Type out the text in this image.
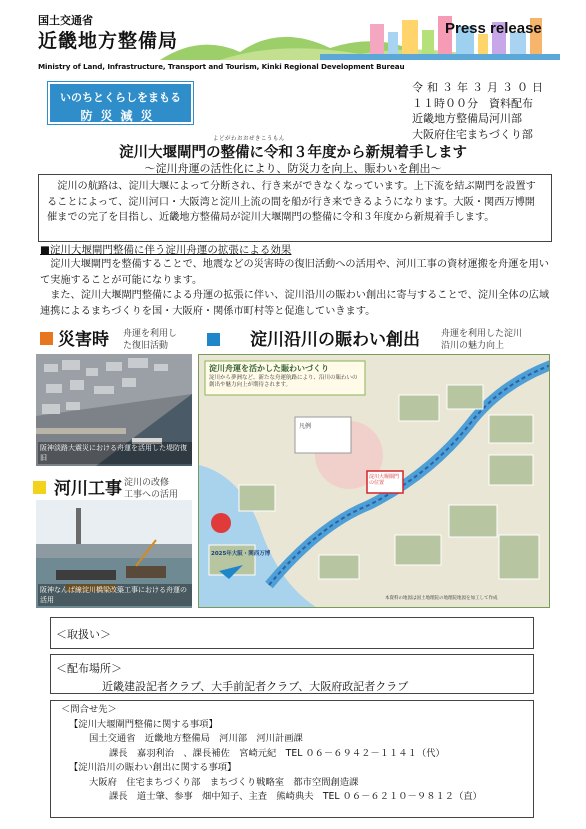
国土交通省
近畿地方整備局
Press release
Ministry of Land, Infrastructure, Transport and Tourism, Kinki Regional Development Bureau
いのちとくらしをまもる
防災減災
令和３年３月３０日
１１時００分　資料配布
近畿地方整備局河川部
大阪府住宅まちづくり部
よどがわおおぜきこうもん
淀川大堰閘門の整備に令和３年度から新規着手します
～淀川舟運の活性化により、防災力を向上、賑わいを創出～
淀川の航路は、淀川大堰によって分断され、行き来ができなくなっています。上下流を結ぶ閘門を設置することによって、淀川河口・大阪湾と淀川上流の間を船が行き来できるようになります。大阪・関西万博開催までの完了を目指し、近畿地方整備局が淀川大堰閘門の整備に令和３年度から新規着手します。
■淀川大堰閘門整備に伴う淀川舟運の拡張による効果

淀川大堰閘門を整備することで、地震などの災害時の復旧活動への活用や、河川工事の資材運搬を舟運を用いて実施することが可能になります。

また、淀川大堰閘門整備による舟運の拡張に伴い、淀川沿川の賑わい創出に寄与することで、淀川全体の広域連携によるまちづくりを国・大阪府・関係市町村等と促進していきます。

災害時 舟運を利用し
た復旧活動
阪神淡路大震災における舟運を活用した堤防復旧
河川工事 淀川の改修
工事への活用
阪神なんば線淀川橋梁改築工事における舟運の活用
淀川沿川の賑わい創出 舟運を利用した淀川
沿川の魅力向上
淀川舟運を活かした賑わいづくり
淀川から夢洲など、新たな舟運航路により、沿川の賑わいの創出や魅力向上が期待されます。
凡例
淀川大堰閘門の位置
2025年大阪・関西万博
本資料の地図は国土地理院の地理院地図を加工して作成
＜取扱い＞
＜配布場所＞
近畿建設記者クラブ、大手前記者クラブ、大阪府政記者クラブ
＜問合せ先＞
【淀川大堰閘門整備に関する事項】
国土交通省　近畿地方整備局　河川部　河川計画課
課長　嘉羽利治　、課長補佐　宮崎元紀　TEL ０６－６９４２－１１４１（代）
【淀川沿川の賑わい創出に関する事項】
大阪府　住宅まちづくり部　まちづくり戦略室　都市空間創造課
課長　道士肇、参事　畑中知子、主査　熊崎典夫　TEL ０６－６２１０－９８１２（直）
